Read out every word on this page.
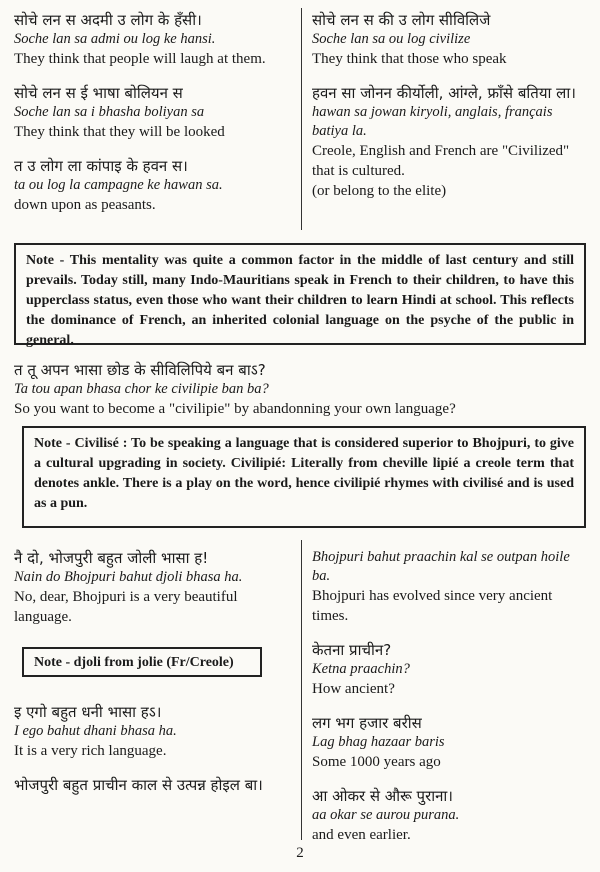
सोचे लन स अदमी उ लोग के हँसी।
Soche lan sa admi ou log ke hansi.
They think that people will laugh at them.
सोचे लन स ई भाषा बोलियन स
Soche lan sa i bhasha boliyan sa
They think that they will be looked
त उ लोग ला कांपाइ के हवन स।
ta ou log la campagne ke hawan sa.
down upon as peasants.
सोचे लन स की उ लोग सीविलिजे
Soche lan sa ou log civilize
They think that those who speak
हवन सा जोनन कीर्योली, आंग्ले, फ्राँसे बतिया ला।
hawan sa jowan kiryoli, anglais, français batiya la.
Creole, English and French are "Civilized" that is cultured.
(or belong to the elite)
Note - This mentality was quite a common factor in the middle of last century and still prevails. Today still, many Indo-Mauritians speak in French to their children, to have this upperclass status, even those who want their children to learn Hindi at school. This reflects the dominance of French, an inherited colonial language on the psyche of the public in general.
त तू अपन भासा छोड के सीविलिपिये बन बाऽ?
Ta tou apan bhasa chor ke civilipie ban ba?
So you want to become a "civilipie" by abandonning your own language?
Note - Civilisé : To be speaking a language that is considered superior to Bhojpuri, to give a cultural upgrading in society. Civilipié: Literally from cheville lipié a creole term that denotes ankle. There is a play on the word, hence civilipié rhymes with civilisé and is used as a pun.
नै दो, भोजपुरी बहुत जोली भासा ह!
Nain do Bhojpuri bahut djoli bhasa ha.
No, dear, Bhojpuri is a very beautiful language.
Note - djoli from jolie (Fr/Creole)
इ एगो बहुत धनी भासा हऽ।
I ego bahut dhani bhasa ha.
It is a very rich language.
भोजपुरी बहुत प्राचीन काल से उत्पन्न होइल बा।
Bhojpuri bahut praachin kal se outpan hoile ba.
Bhojpuri has evolved since very ancient times.
केतना प्राचीन?
Ketna praachin?
How ancient?
लग भग हजार बरीस
Lag bhag hazaar baris
Some 1000 years ago
आ ओकर से औरू पुराना।
aa okar se aurou purana.
and even earlier.
2
